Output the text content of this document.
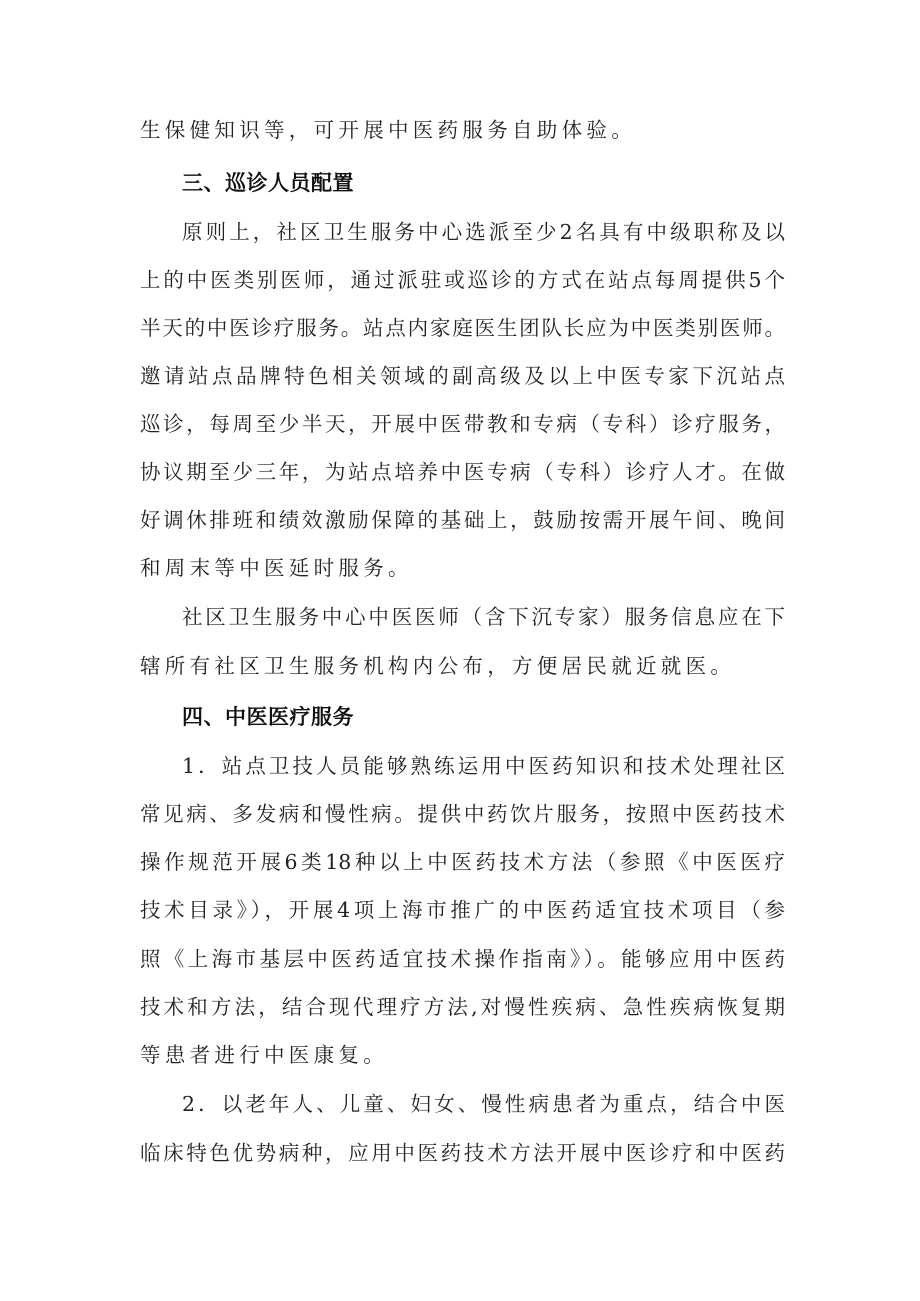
生保健知识等，可开展中医药服务自助体验。
三、巡诊人员配置
原则上，社区卫生服务中心选派至少2名具有中级职称及以
上的中医类别医师，通过派驻或巡诊的方式在站点每周提供5个
半天的中医诊疗服务。站点内家庭医生团队长应为中医类别医师。
邀请站点品牌特色相关领域的副高级及以上中医专家下沉站点
巡诊，每周至少半天，开展中医带教和专病（专科）诊疗服务，
协议期至少三年，为站点培养中医专病（专科）诊疗人才。在做
好调休排班和绩效激励保障的基础上，鼓励按需开展午间、晚间
和周末等中医延时服务。
社区卫生服务中心中医医师（含下沉专家）服务信息应在下
辖所有社区卫生服务机构内公布，方便居民就近就医。
四、中医医疗服务
1．站点卫技人员能够熟练运用中医药知识和技术处理社区
常见病、多发病和慢性病。提供中药饮片服务，按照中医药技术
操作规范开展6类18种以上中医药技术方法（参照《中医医疗
技术目录》），开展4项上海市推广的中医药适宜技术项目（参
照《上海市基层中医药适宜技术操作指南》）。能够应用中医药
技术和方法，结合现代理疗方法,对慢性疾病、急性疾病恢复期
等患者进行中医康复。
2．以老年人、儿童、妇女、慢性病患者为重点，结合中医
临床特色优势病种，应用中医药技术方法开展中医诊疗和中医药
